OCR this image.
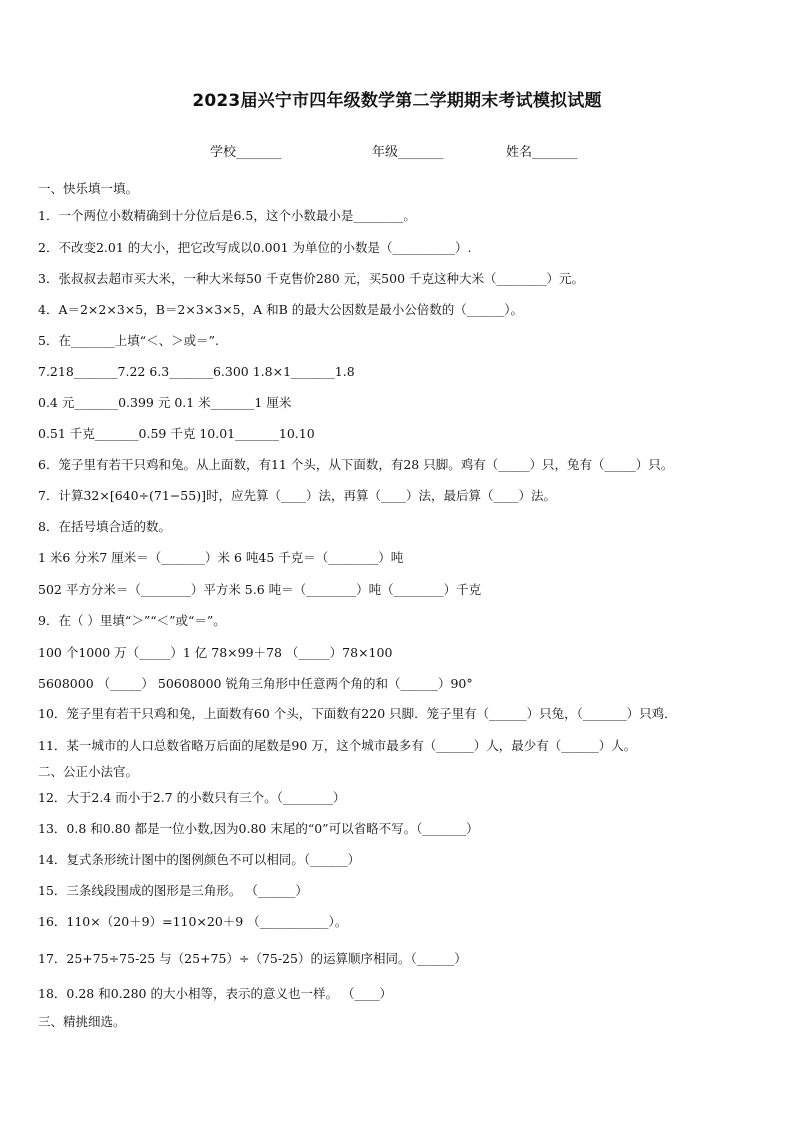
2023届兴宁市四年级数学第二学期期末考试模拟试题
学校_______	年级_______	姓名_______
一、快乐填一填。
1．一个两位小数精确到十分位后是6.5，这个小数最小是________。
2．不改变2.01 的大小，把它改写成以0.001 为单位的小数是（__________）.
3．张叔叔去超市买大米，一种大米每50 千克售价280 元，买500 千克这种大米（________）元。
4．A＝2×2×3×5，B＝2×3×3×5，A 和B 的最大公因数是最小公倍数的（______）。
5．在_______上填“＜、＞或＝”.
7.218_______7.22 6.3_______6.300 1.8×1_______1.8
0.4 元_______0.399 元 0.1 米_______1 厘米
0.51 千克_______0.59 千克 10.01_______10.10
6．笼子里有若干只鸡和兔。从上面数，有11 个头，从下面数，有28 只脚。鸡有（_____）只，兔有（_____）只。
7．计算32×[640÷(71−55)]时，应先算（____）法，再算（____）法，最后算（____）法。
8．在括号填合适的数。
1 米6 分米7 厘米＝（_______）米 6 吨45 千克＝（________）吨
502 平方分米＝（________）平方米 5.6 吨＝（________）吨（________）千克
9．在（ ）里填“＞”“＜”或“＝”。
100 个1000 万（_____）1 亿 78×99＋78 （_____）78×100
5608000 （_____） 50608000 锐角三角形中任意两个角的和（______）90°
10．笼子里有若干只鸡和兔，上面数有60 个头，下面数有220 只脚．笼子里有（______）只兔，（_______）只鸡．
11．某一城市的人口总数省略万后面的尾数是90 万，这个城市最多有（______）人，最少有（______）人。
二、公正小法官。
12．大于2.4 而小于2.7 的小数只有三个。（________）
13．0.8 和0.80 都是一位小数,因为0.80 末尾的“0”可以省略不写。（_______）
14．复式条形统计图中的图例颜色不可以相同。（______）
15．三条线段围成的图形是三角形。 （______）
16．110×（20＋9）=110×20＋9 （___________）。
17．25+75÷75-25 与（25+75）÷（75-25）的运算顺序相同。（______）
18．0.28 和0.280 的大小相等，表示的意义也一样。 （____）
三、精挑细选。
